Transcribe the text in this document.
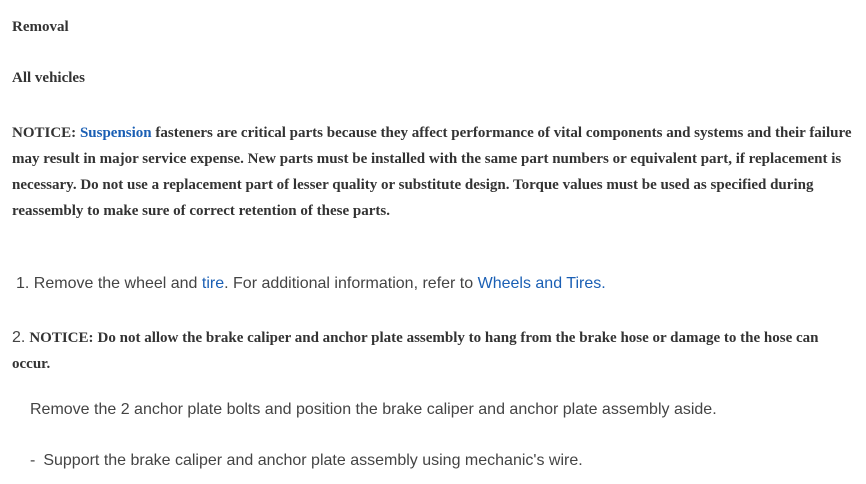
Removal
All vehicles

NOTICE: Suspension fasteners are critical parts because they affect performance of vital components and systems and their failure may result in major service expense. New parts must be installed with the same part numbers or equivalent part, if replacement is necessary. Do not use a replacement part of lesser quality or substitute design. Torque values must be used as specified during reassembly to make sure of correct retention of these parts.

1. Remove the wheel and tire. For additional information, refer to Wheels and Tires.

2. NOTICE: Do not allow the brake caliper and anchor plate assembly to hang from the brake hose or damage to the hose can occur.

Remove the 2 anchor plate bolts and position the brake caliper and anchor plate assembly aside.
- Support the brake caliper and anchor plate assembly using mechanic's wire.
